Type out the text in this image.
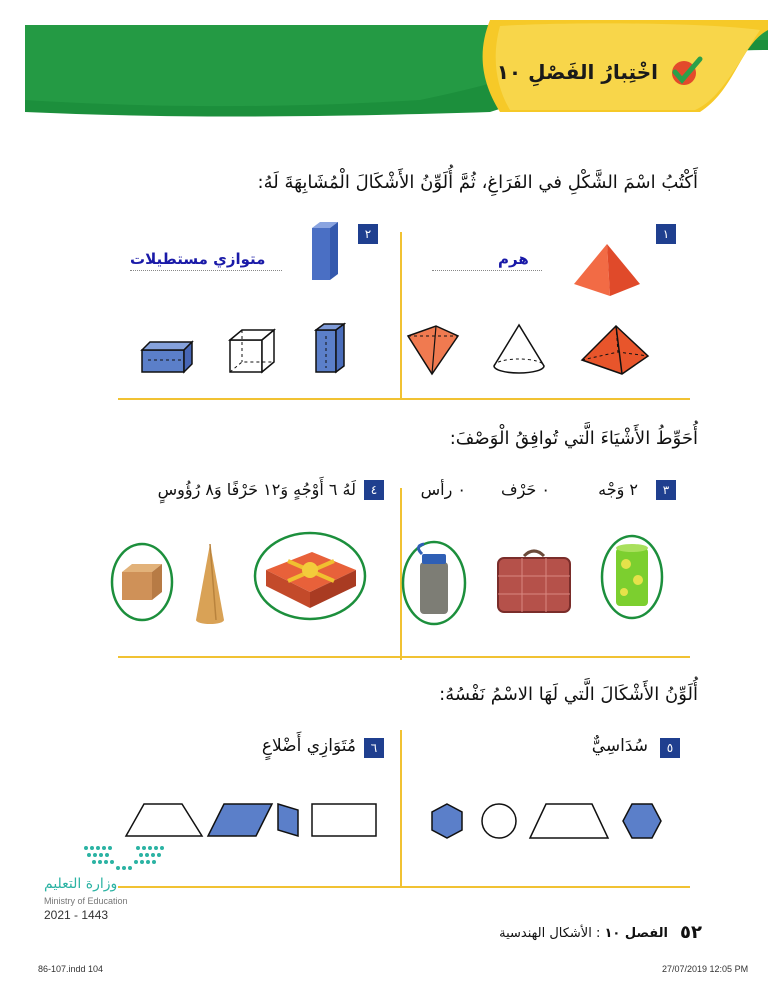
اخْتِبارُ الفَصْلِ ١٠
أَكْتُبُ اسْمَ الشَّكْلِ في الفَرَاغِ، ثُمَّ أُلَوِّنُ الأَشْكَالَ الْمُشَابِهَةَ لَهُ:
١
٢
هرم
متوازي مستطيلات
أُحَوِّطُ الأَشْيَاءَ الَّتي تُوافِقُ الْوَصْفَ:
٣
٢ وَجْه
٠ حَرْف
٠ رأس
٤
لَهُ ٦ أَوْجُهٍ وَ١٢ حَرْفًا وَ٨ رُؤُوسٍ
أُلَوِّنُ الأَشْكَالَ الَّتي لَهَا الاسْمُ نَفْسُهُ:
٥
سُدَاسِيٌّ
٦
مُتَوَازِي أَضْلاعٍ
وزارة التعليم
Ministry of Education
2021 - 1443
٥٢
الفصل ١٠ : الأشكال الهندسية
86-107.indd 104	27/07/2019 12:05 PM
